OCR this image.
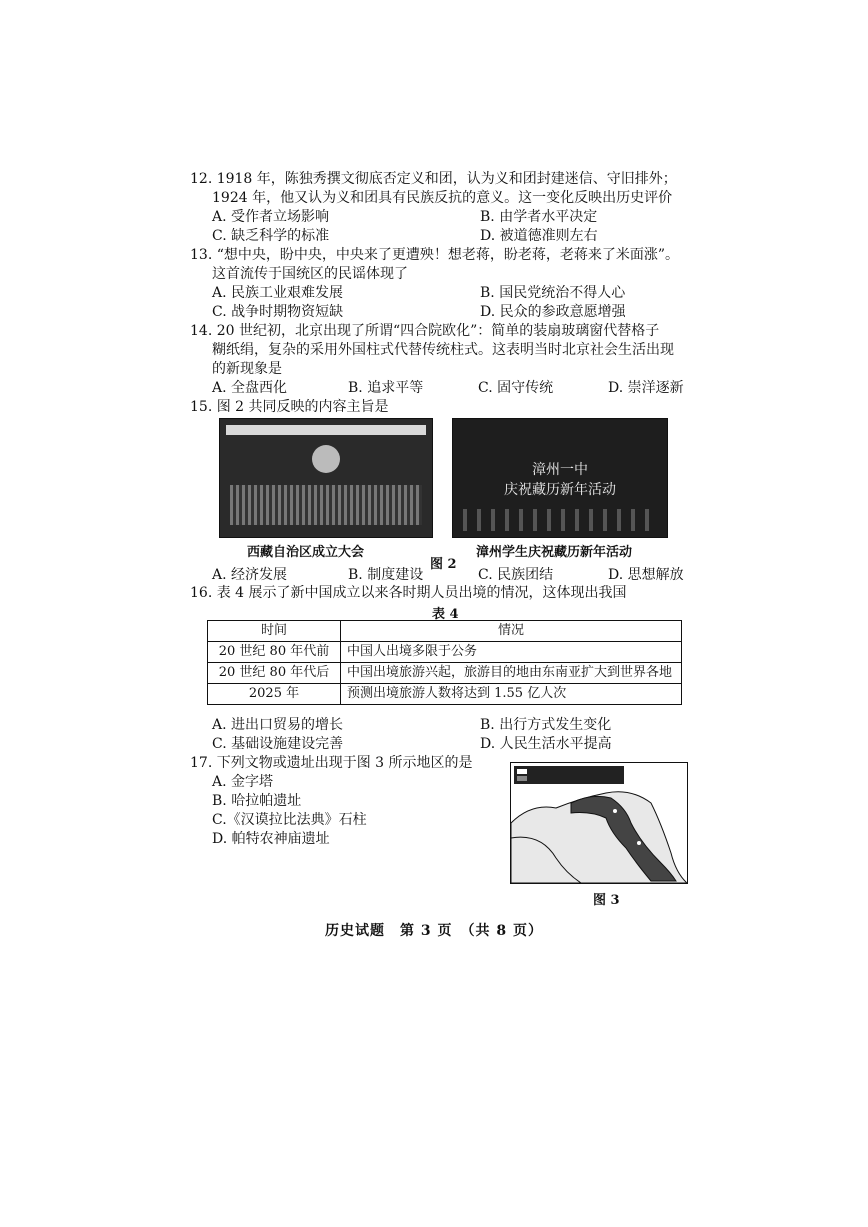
12. 1918 年，陈独秀撰文彻底否定义和团，认为义和团封建迷信、守旧排外；
1924 年，他又认为义和团具有民族反抗的意义。这一变化反映出历史评价
A. 受作者立场影响	B. 由学者水平决定
C. 缺乏科学的标准	D. 被道德准则左右
13. “想中央，盼中央，中央来了更遭殃！想老蒋，盼老蒋，老蒋来了米面涨”。
这首流传于国统区的民谣体现了
A. 民族工业艰难发展	B. 国民党统治不得人心
C. 战争时期物资短缺	D. 民众的参政意愿增强
14. 20 世纪初，北京出现了所谓“四合院欧化”：简单的装扇玻璃窗代替格子
糊纸绢，复杂的采用外国柱式代替传统柱式。这表明当时北京社会生活出现
的新现象是
A. 全盘西化	B. 追求平等	C. 固守传统	D. 崇洋逐新
15. 图 2 共同反映的内容主旨是
漳州一中
庆祝藏历新年活动
西藏自治区成立大会
图 2
漳州学生庆祝藏历新年活动
A. 经济发展	B. 制度建设	C. 民族团结	D. 思想解放
16. 表 4 展示了新中国成立以来各时期人员出境的情况，这体现出我国
表 4
时间	情况
20 世纪 80 年代前	中国人出境多限于公务
20 世纪 80 年代后	中国出境旅游兴起，旅游目的地由东南亚扩大到世界各地
2025 年	预测出境旅游人数将达到 1.55 亿人次
A. 进出口贸易的增长	B. 出行方式发生变化
C. 基础设施建设完善	D. 人民生活水平提高
17. 下列文物或遗址出现于图 3 所示地区的是
A. 金字塔
B. 哈拉帕遗址
C.《汉谟拉比法典》石柱
D. 帕特农神庙遗址
图 3
历史试题　第 3 页　（共 8 页）
